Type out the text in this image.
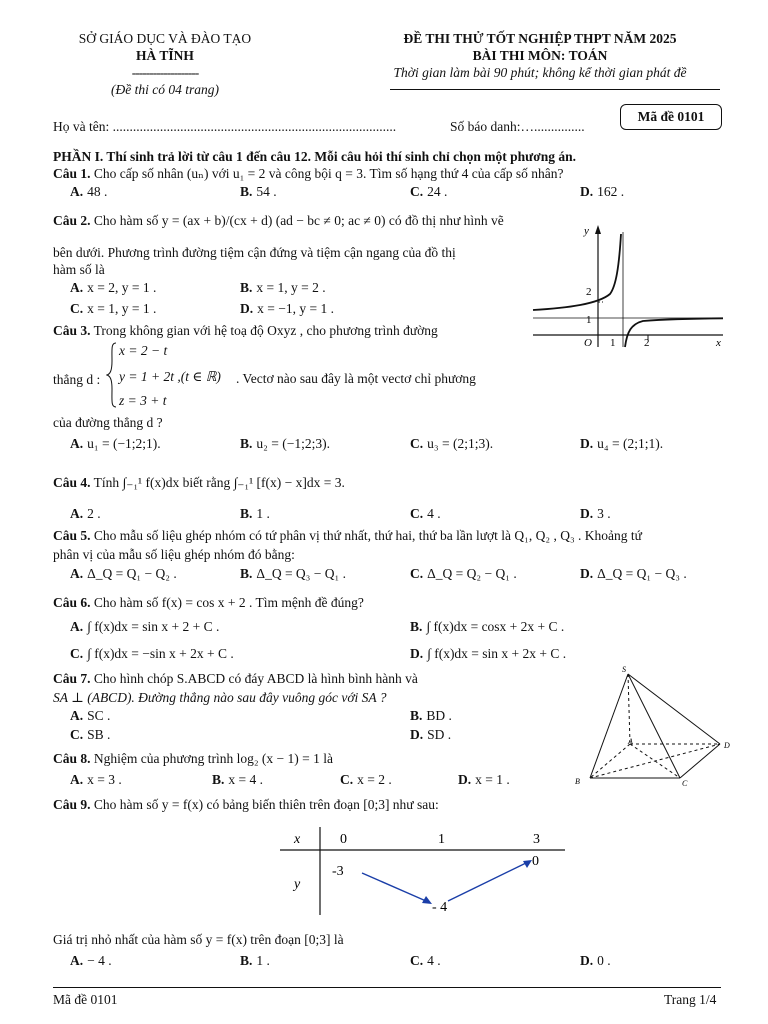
SỞ GIÁO DỤC VÀ ĐÀO TẠO
HÀ TĨNH
-------------------
(Đề thi có 04 trang)
ĐỀ THI THỬ TỐT NGHIỆP THPT NĂM 2025
BÀI THI MÔN: TOÁN
Thời gian làm bài 90 phút; không kể thời gian phát đề
Mã đề 0101
Họ và tên: ....................................................................................	Số báo danh:…...............
PHẦN I. Thí sinh trả lời từ câu 1 đến câu 12. Mỗi câu hỏi thí sinh chỉ chọn một phương án.
Câu 1. Cho cấp số nhân (uₙ) với u₁ = 2 và công bội q = 3. Tìm số hạng thứ 4 của cấp số nhân?
A. 48 .	B. 54 .	C. 24 .	D. 162 .
Câu 2. Cho hàm số y = (ax + b)/(cx + d) (ad − bc ≠ 0; ac ≠ 0) có đồ thị như hình vẽ
bên dưới. Phương trình đường tiệm cận đứng và tiệm cận ngang của đồ thị
hàm số là
A. x = 2, y = 1 .	B. x = 1, y = 2 .
C. x = 1, y = 1 .	D. x = −1, y = 1 .
y
x
O 1	2
1
2
Câu 3. Trong không gian với hệ toạ độ Oxyz , cho phương trình đường
thẳng d :
x = 2 − t
y = 1 + 2t ,(t ∈ ℝ)
z = 3 + t
. Vectơ nào sau đây là một vectơ chỉ phương
của đường thẳng d ?
A. u₁ = (−1;2;1).	B. u₂ = (−1;2;3).	C. u₃ = (2;1;3).	D. u₄ = (2;1;1).
Câu 4. Tính ∫₋₁¹ f(x)dx biết rằng ∫₋₁¹ [f(x) − x]dx = 3.
A. 2 .	B. 1 .	C. 4 .	D. 3 .
Câu 5. Cho mẫu số liệu ghép nhóm có tứ phân vị thứ nhất, thứ hai, thứ ba lần lượt là Q₁, Q₂ , Q₃ . Khoảng tứ
phân vị của mẫu số liệu ghép nhóm đó bằng:
A. Δ_Q = Q₁ − Q₂ .	B. Δ_Q = Q₃ − Q₁ .	C. Δ_Q = Q₂ − Q₁ .	D. Δ_Q = Q₁ − Q₃ .
Câu 6. Cho hàm số f(x) = cos x + 2 . Tìm mệnh đề đúng?
A. ∫ f(x)dx = sin x + 2 + C .	B. ∫ f(x)dx = cosx + 2x + C .
C. ∫ f(x)dx = −sin x + 2x + C .	D. ∫ f(x)dx = sin x + 2x + C .
Câu 7. Cho hình chóp S.ABCD có đáy ABCD là hình bình hành và
SA ⊥ (ABCD). Đường thẳng nào sau đây vuông góc với SA ?
A. SC .	B. BD .
C. SB .	D. SD .
S
A
B	C
D
Câu 8. Nghiệm của phương trình log₂ (x − 1) = 1 là
A. x = 3 .	B. x = 4 .	C. x = 2 .	D. x = 1 .
Câu 9. Cho hàm số y = f(x) có bảng biến thiên trên đoạn [0;3] như sau:
x
y
0	1	3
-3
- 4
0
Giá trị nhỏ nhất của hàm số y = f(x) trên đoạn [0;3] là
A. − 4 .	B. 1 .	C. 4 .	D. 0 .
Mã đề 0101	Trang 1/4
